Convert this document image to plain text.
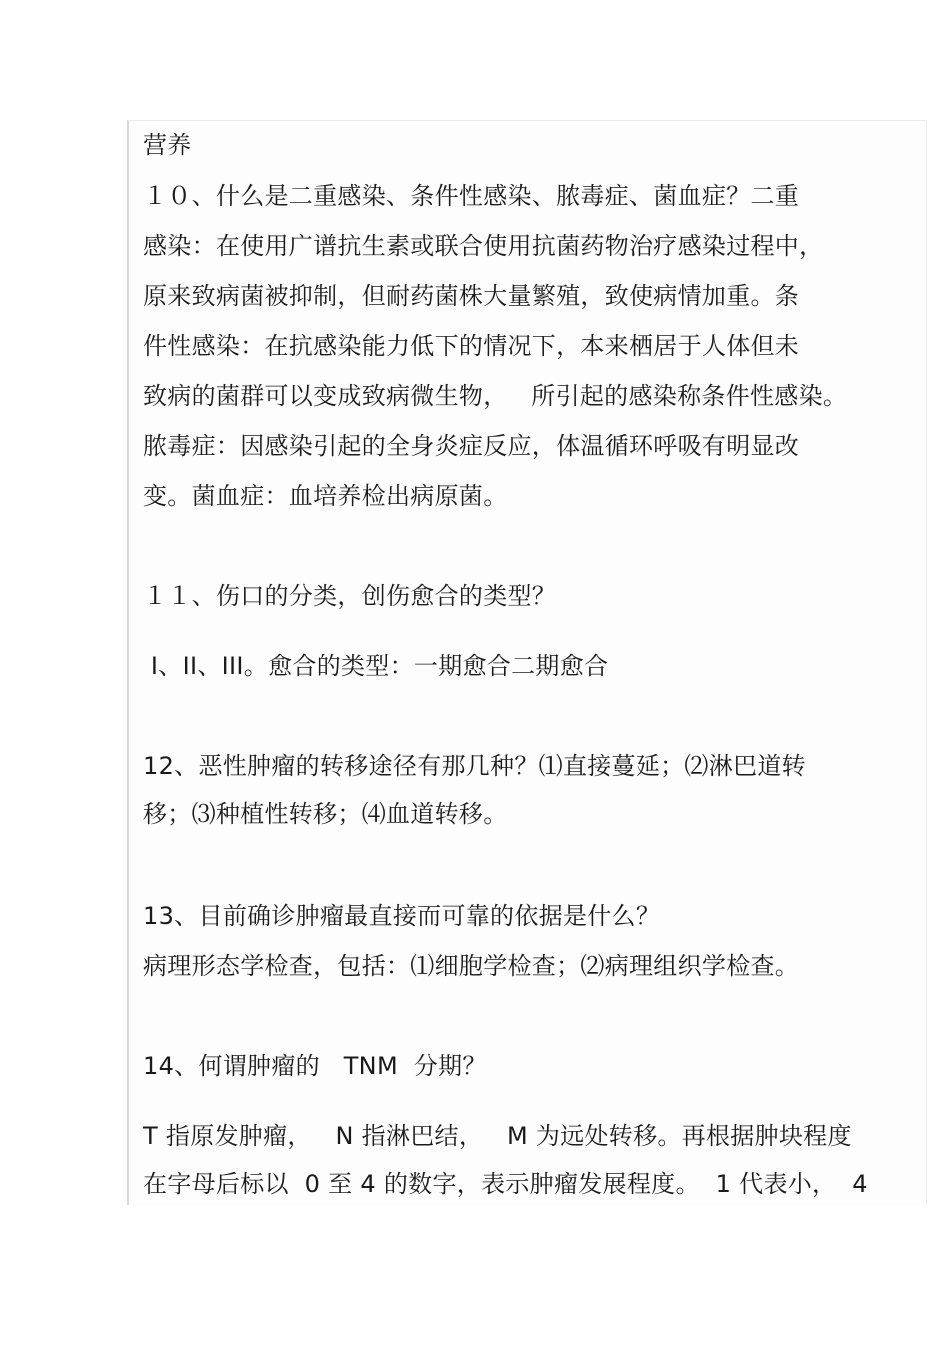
营养

１０、什么是二重感染、条件性感染、脓毒症、菌血症？二重

感染：在使用广谱抗生素或联合使用抗菌药物治疗感染过程中，

原来致病菌被抑制，但耐药菌株大量繁殖，致使病情加重。条

件性感染：在抗感染能力低下的情况下，本来栖居于人体但未

致病的菌群可以变成致病微生物，   所引起的感染称条件性感染。

脓毒症：因感染引起的全身炎症反应，体温循环呼吸有明显改

变。菌血症：血培养检出病原菌。

１１、伤口的分类，创伤愈合的类型？

I、II、III。愈合的类型：一期愈合二期愈合

12、恶性肿瘤的转移途径有那几种？⑴直接蔓延；⑵淋巴道转

移；⑶种植性转移；⑷血道转移。

13、目前确诊肿瘤最直接而可靠的依据是什么？

病理形态学检查，包括：⑴细胞学检查；⑵病理组织学检查。

14、何谓肿瘤的   TNM  分期？

T 指原发肿瘤，   N 指淋巴结，   M 为远处转移。再根据肿块程度

在字母后标以  0 至 4 的数字，表示肿瘤发展程度。  1 代表小，  4
